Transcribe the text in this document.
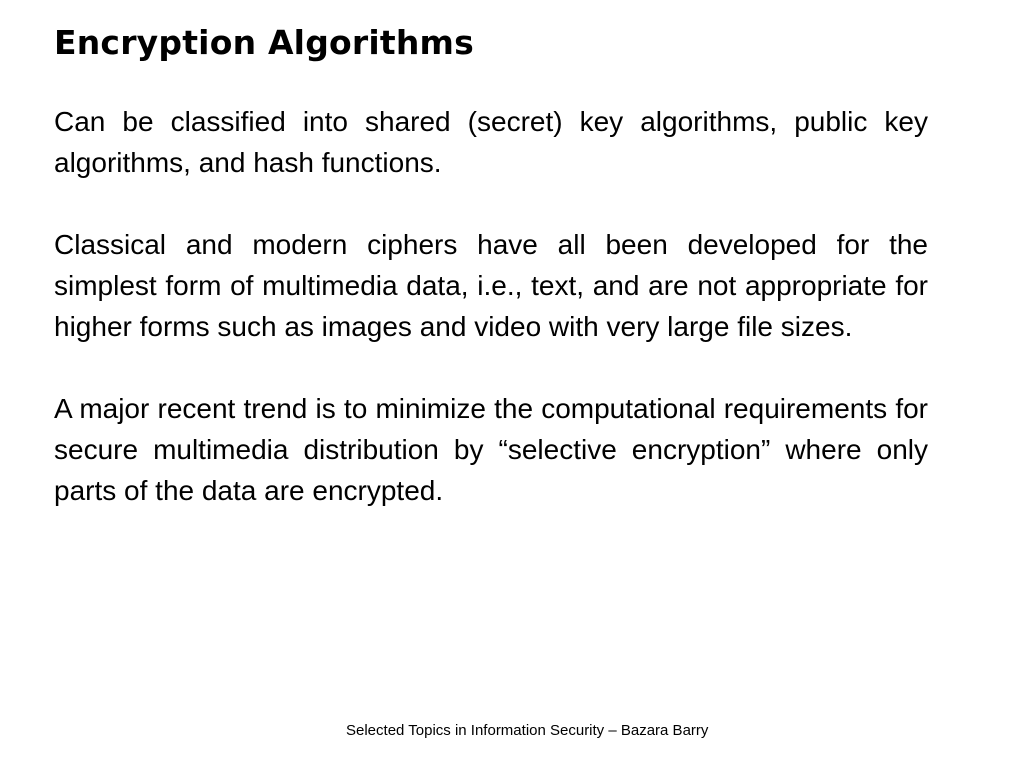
Encryption Algorithms

Can be classified into shared (secret) key algorithms, public key algorithms, and hash functions.

Classical and modern ciphers have all been developed for the simplest form of multimedia data, i.e., text, and are not appropriate for higher forms such as images and video with very large file sizes.

A major recent trend is to minimize the computational requirements for secure multimedia distribution by “selective encryption” where only parts of the data are encrypted.

Selected Topics in Information Security – Bazara Barry
